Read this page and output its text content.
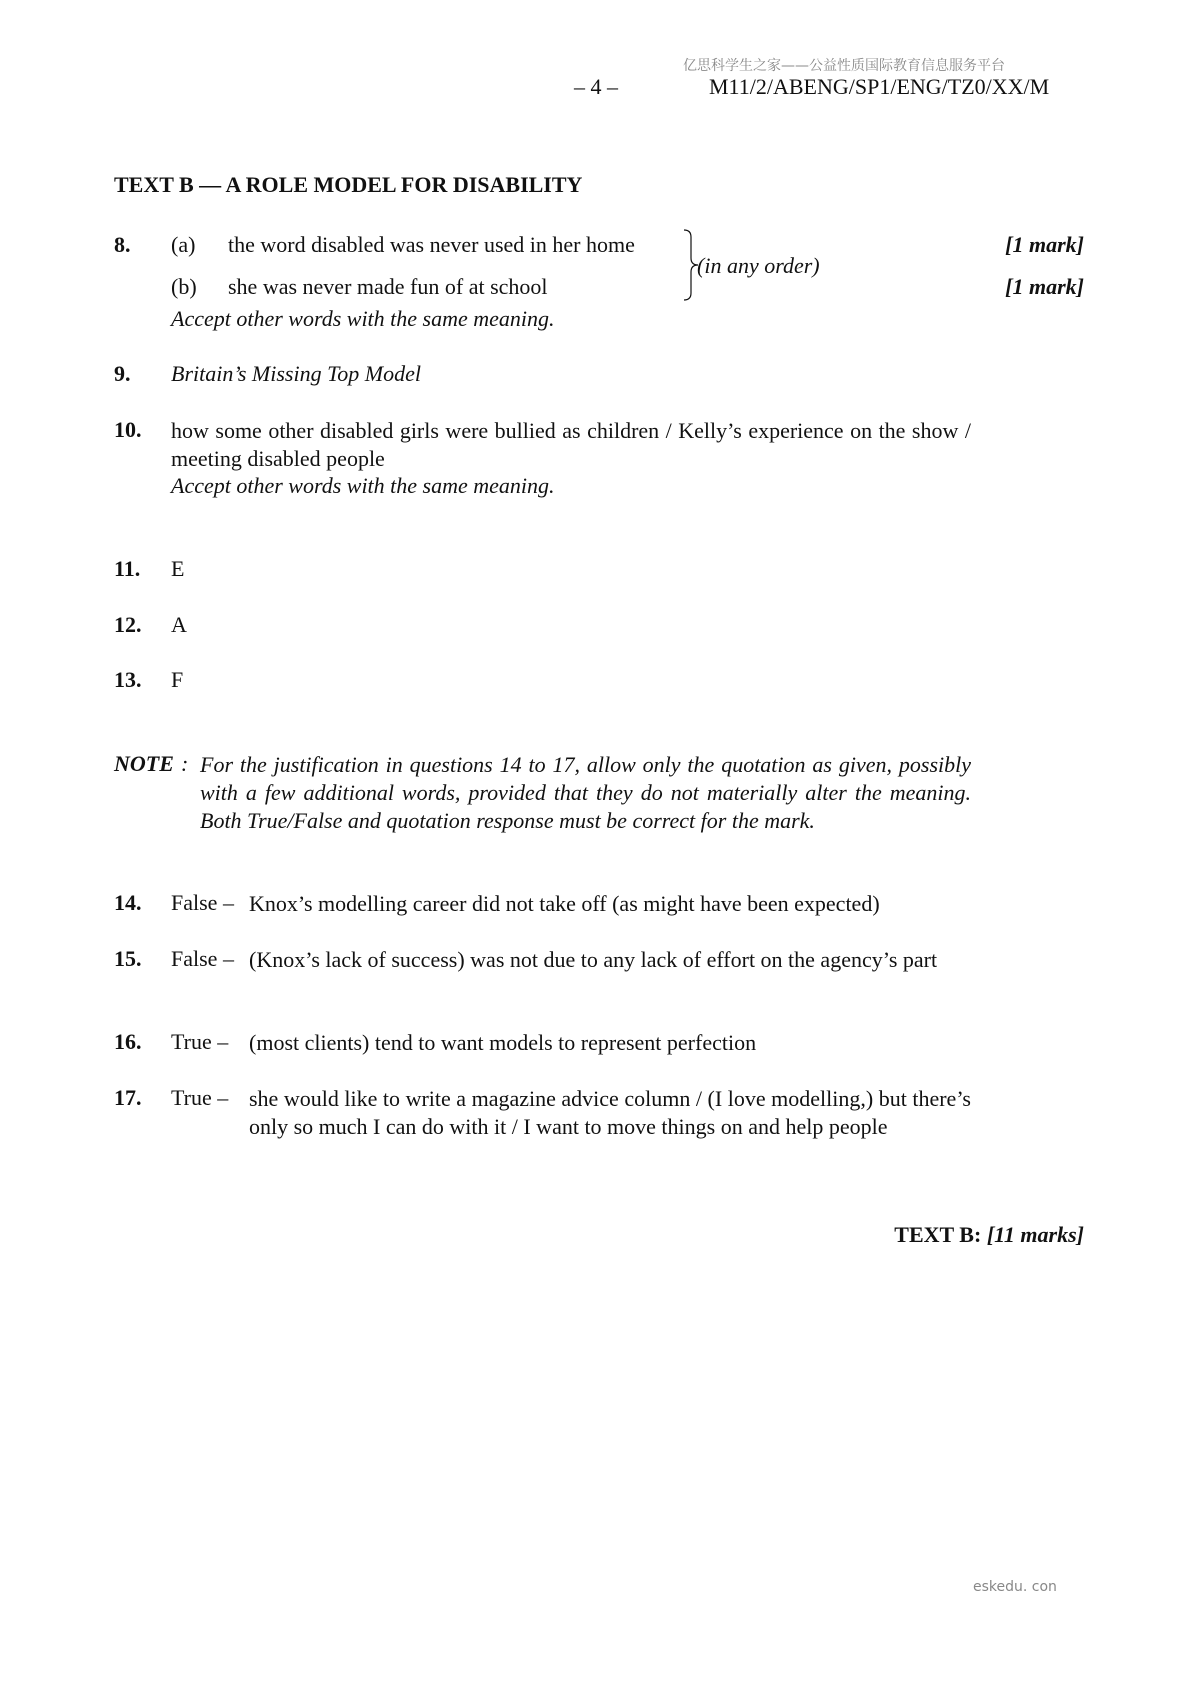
亿思科学生之家——公益性质国际教育信息服务平台
– 4 –	M11/2/ABENG/SP1/ENG/TZ0/XX/M
TEXT B — A ROLE MODEL FOR DISABILITY
8. (a) the word disabled was never used in her home
(b) she was never made fun of at school
(in any order)
[1 mark]
[1 mark]
Accept other words with the same meaning.
9. Britain’s Missing Top Model
10. how some other disabled girls were bullied as children / Kelly’s experience on the show / meeting disabled people
Accept other words with the same meaning.
11. E
12. A
13. F
NOTE : For the justification in questions 14 to 17, allow only the quotation as given, possibly with a few additional words, provided that they do not materially alter the meaning. Both True/False and quotation response must be correct for the mark.
14. False – Knox’s modelling career did not take off (as might have been expected)
15. False – (Knox’s lack of success) was not due to any lack of effort on the agency’s part
16. True – (most clients) tend to want models to represent perfection
17. True – she would like to write a magazine advice column / (I love modelling,) but there’s only so much I can do with it / I want to move things on and help people
TEXT B: [11 marks]
eskedu. con
